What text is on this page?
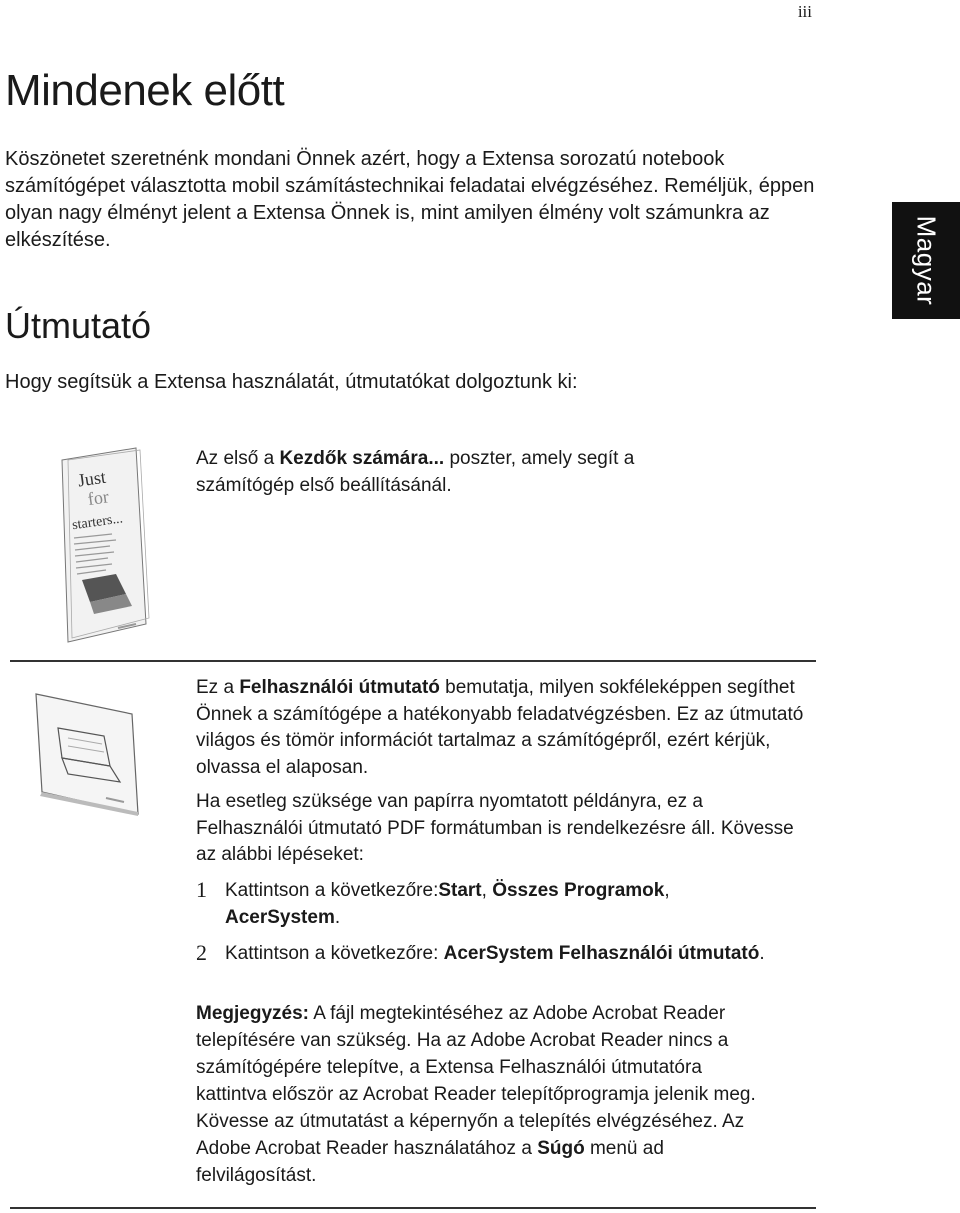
iii
Magyar
Mindenek előtt

Köszönetet szeretnénk mondani Önnek azért, hogy a Extensa sorozatú notebook számítógépet választotta mobil számítástechnikai feladatai elvégzéséhez. Reméljük, éppen olyan nagy élményt jelent a Extensa Önnek is, mint amilyen élmény volt számunkra az elkészítése.

Útmutató

Hogy segítsük a Extensa használatát, útmutatókat dolgoztunk ki:

Just
for
starters...

Az első a Kezdők számára... poszter, amely segít a számítógép első beállításánál.

Ez a Felhasználói útmutató bemutatja, milyen sokféleképpen segíthet Önnek a számítógépe a hatékonyabb feladatvégzésben. Ez az útmutató világos és tömör információt tartalmaz a számítógépről, ezért kérjük, olvassa el alaposan.

Ha esetleg szüksége van papírra nyomtatott példányra, ez a Felhasználói útmutató PDF formátumban is rendelkezésre áll. Kövesse az alábbi lépéseket:

1 Kattintson a következőre:Start, Összes Programok, AcerSystem.

2 Kattintson a következőre: AcerSystem Felhasználói útmutató.

Megjegyzés: A fájl megtekintéséhez az Adobe Acrobat Reader telepítésére van szükség. Ha az Adobe Acrobat Reader nincs a számítógépére telepítve, a Extensa Felhasználói útmutatóra kattintva először az Acrobat Reader telepítőprogramja jelenik meg. Kövesse az útmutatást a képernyőn a telepítés elvégzéséhez. Az Adobe Acrobat Reader használatához a Súgó menü ad felvilágosítást.
